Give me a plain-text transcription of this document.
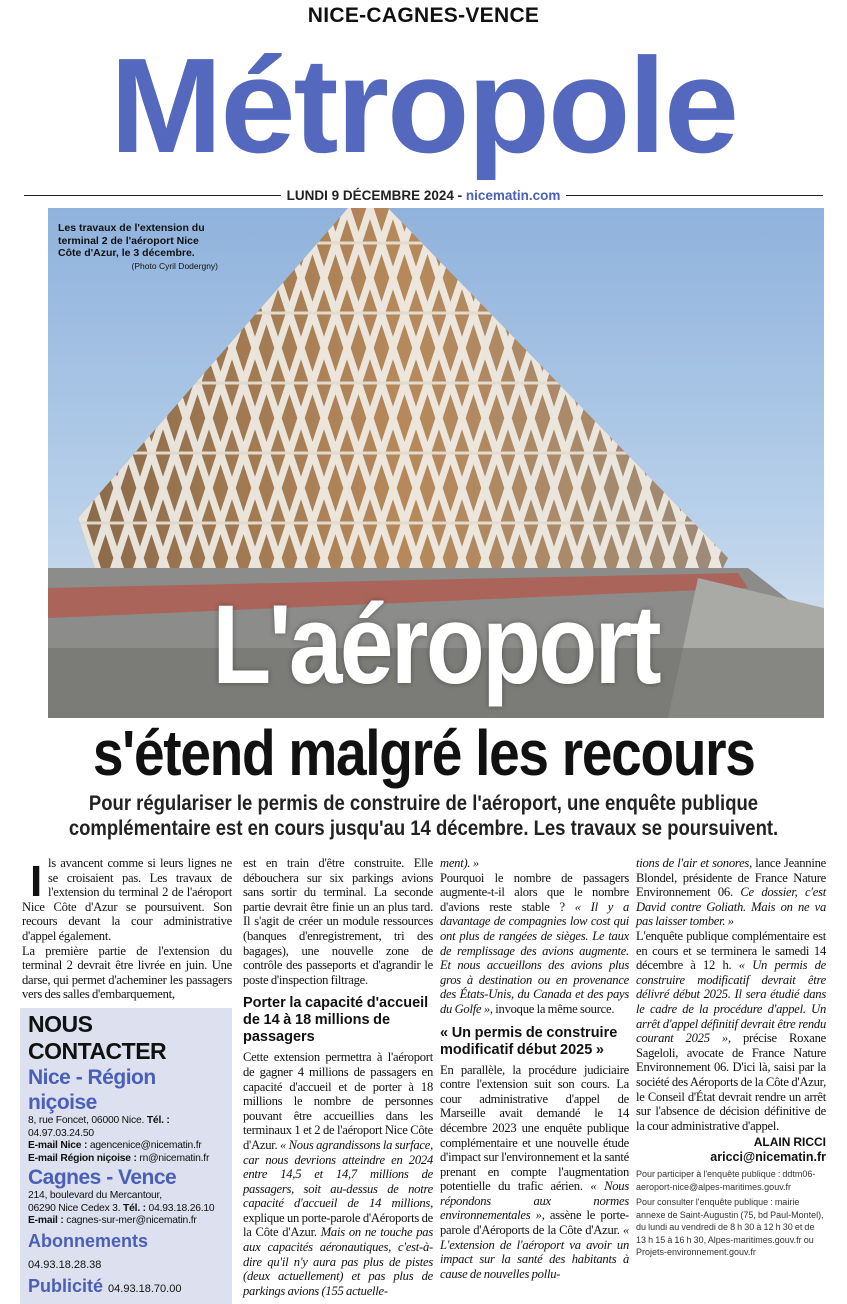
NICE-CAGNES-VENCE
Métropole
LUNDI 9 DÉCEMBRE 2024 -
nicematin.com
Les travaux de l'extension du terminal 2 de l'aéroport Nice Côte d'Azur, le 3 décembre.
(Photo Cyril Dodergny)
L'aéroport
s'étend malgré les recours
Pour régulariser le permis de construire de l'aéroport, une enquête publique
complémentaire est en cours jusqu'au 14 décembre. Les travaux se poursuivent.
I ls avancent comme si leurs lignes ne se croisaient pas. Les travaux de l'extension du terminal 2 de l'aéroport Nice Côte d'Azur se poursuivent. Son recours devant la cour administrative d'appel également.

La première partie de l'extension du terminal 2 devrait être livrée en juin. Une darse, qui permet d'acheminer les passagers vers des salles d'embarquement,

est en train d'être construite. Elle débouchera sur six parkings avions sans sortir du terminal. La seconde partie devrait être finie un an plus tard. Il s'agit de créer un module ressources (banques d'enregistrement, tri des bagages), une nouvelle zone de contrôle des passeports et d'agrandir le poste d'inspection filtrage.

Porter la capacité d'accueil de 14 à 18 millions de passagers

Cette extension permettra à l'aéroport de gagner 4 millions de passagers en capacité d'accueil et de porter à 18 millions le nombre de personnes pouvant être accueillies dans les terminaux 1 et 2 de l'aéroport Nice Côte d'Azur. « Nous agrandissons la surface, car nous devrions atteindre en 2024 entre 14,5 et 14,7 millions de passagers, soit au-dessus de notre capacité d'accueil de 14 millions, explique un porte-parole d'Aéroports de la Côte d'Azur. Mais on ne touche pas aux capacités aéronautiques, c'est-à-dire qu'il n'y aura pas plus de pistes (deux actuellement) et pas plus de parkings avions (155 actuelle-

ment). »

Pourquoi le nombre de passagers augmente-t-il alors que le nombre d'avions reste stable ? « Il y a davantage de compagnies low cost qui ont plus de rangées de sièges. Le taux de remplissage des avions augmente. Et nous accueillons des avions plus gros à destination ou en provenance des États-Unis, du Canada et des pays du Golfe », invoque la même source.

« Un permis de construire modificatif début 2025 »

En parallèle, la procédure judiciaire contre l'extension suit son cours. La cour administrative d'appel de Marseille avait demandé le 14 décembre 2023 une enquête publique complémentaire et une nouvelle étude d'impact sur l'environnement et la santé prenant en compte l'augmentation potentielle du trafic aérien. « Nous répondons aux normes environnementales », assène le porte-parole d'Aéroports de la Côte d'Azur. « L'extension de l'aéroport va avoir un impact sur la santé des habitants à cause de nouvelles pollu-

tions de l'air et sonores, lance Jeannine Blondel, présidente de France Nature Environnement 06. Ce dossier, c'est David contre Goliath. Mais on ne va pas laisser tomber. »

L'enquête publique complémentaire est en cours et se terminera le samedi 14 décembre à 12 h. « Un permis de construire modificatif devrait être délivré début 2025. Il sera étudié dans le cadre de la procédure d'appel. Un arrêt d'appel définitif devrait être rendu courant 2025 », précise Roxane Sageloli, avocate de France Nature Environnement 06. D'ici là, saisi par la société des Aéroports de la Côte d'Azur, le Conseil d'État devrait rendre un arrêt sur l'absence de décision définitive de la cour administrative d'appel.

ALAIN RICCI
aricci@nicematin.fr
Pour participer à l'enquête publique : ddtm06-aeroport-nice@alpes-maritimes.gouv.fr
Pour consulter l'enquête publique : mairie annexe de Saint-Augustin (75, bd Paul-Montel), du lundi au vendredi de 8 h 30 à 12 h 30 et de 13 h 15 à 16 h 30, Alpes-maritimes.gouv.fr ou Projets-environnement.gouv.fr
NOUS CONTACTER
Nice - Région niçoise
8, rue Foncet, 06000 Nice. Tél. : 04.97.03.24.50
E-mail Nice : agencenice@nicematin.fr
E-mail Région niçoise : rn@nicematin.fr
Cagnes - Vence
214, boulevard du Mercantour,
06290 Nice Cedex 3. Tél. : 04.93.18.26.10
E-mail : cagnes-sur-mer@nicematin.fr
Abonnements 04.93.18.28.38
Publicité 04.93.18.70.00
